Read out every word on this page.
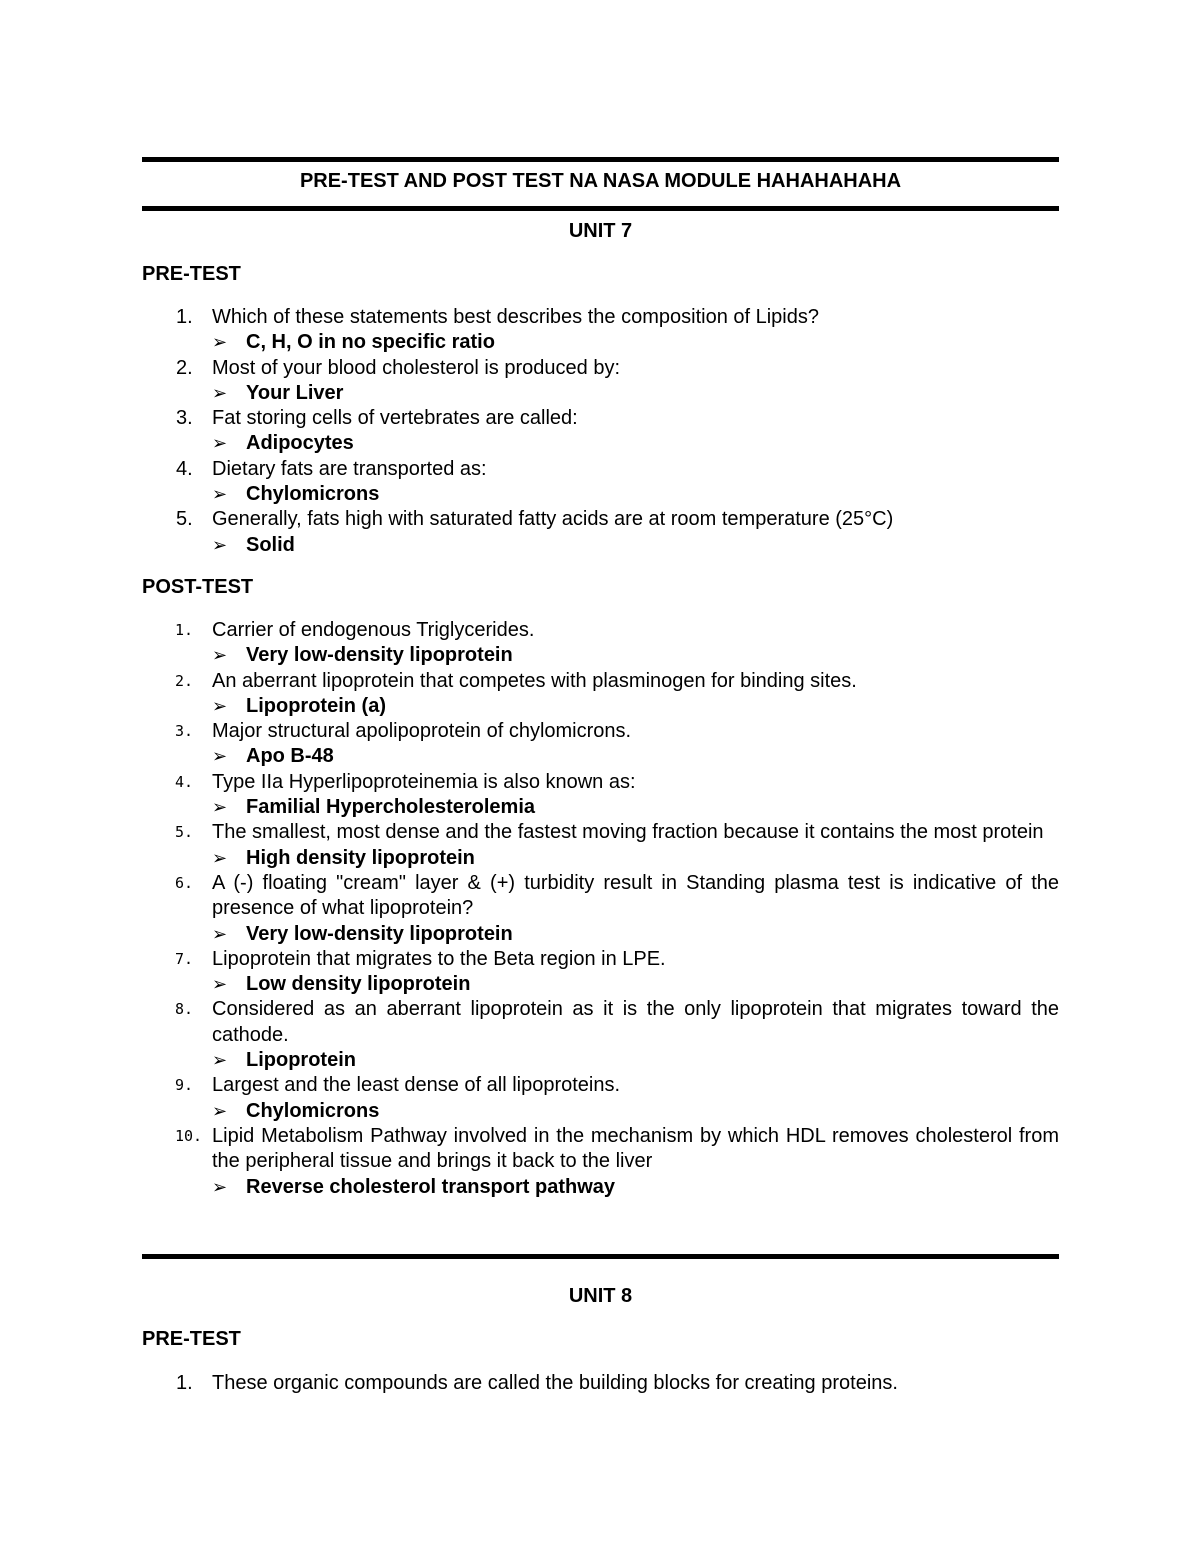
PRE-TEST AND POST TEST NA NASA MODULE HAHAHAHAHA
UNIT 7
PRE-TEST
1. Which of these statements best describes the composition of Lipids?
➢ C, H, O in no specific ratio
2. Most of your blood cholesterol is produced by:
➢ Your Liver
3. Fat storing cells of vertebrates are called:
➢ Adipocytes
4. Dietary fats are transported as:
➢ Chylomicrons
5. Generally, fats high with saturated fatty acids are at room temperature (25°C)
➢ Solid
POST-TEST
1. Carrier of endogenous Triglycerides.
➢ Very low-density lipoprotein
2. An aberrant lipoprotein that competes with plasminogen for binding sites.
➢ Lipoprotein (a)
3. Major structural apolipoprotein of chylomicrons.
➢ Apo B-48
4. Type IIa Hyperlipoproteinemia is also known as:
➢ Familial Hypercholesterolemia
5. The smallest, most dense and the fastest moving fraction because it contains the most protein
➢ High density lipoprotein
6. A (-) floating "cream" layer & (+) turbidity result in Standing plasma test is indicative of the presence of what lipoprotein?
➢ Very low-density lipoprotein
7. Lipoprotein that migrates to the Beta region in LPE.
➢ Low density lipoprotein
8. Considered as an aberrant lipoprotein as it is the only lipoprotein that migrates toward the cathode.
➢ Lipoprotein
9. Largest and the least dense of all lipoproteins.
➢ Chylomicrons
10. Lipid Metabolism Pathway involved in the mechanism by which HDL removes cholesterol from the peripheral tissue and brings it back to the liver
➢ Reverse cholesterol transport pathway
UNIT 8
PRE-TEST
1. These organic compounds are called the building blocks for creating proteins.
